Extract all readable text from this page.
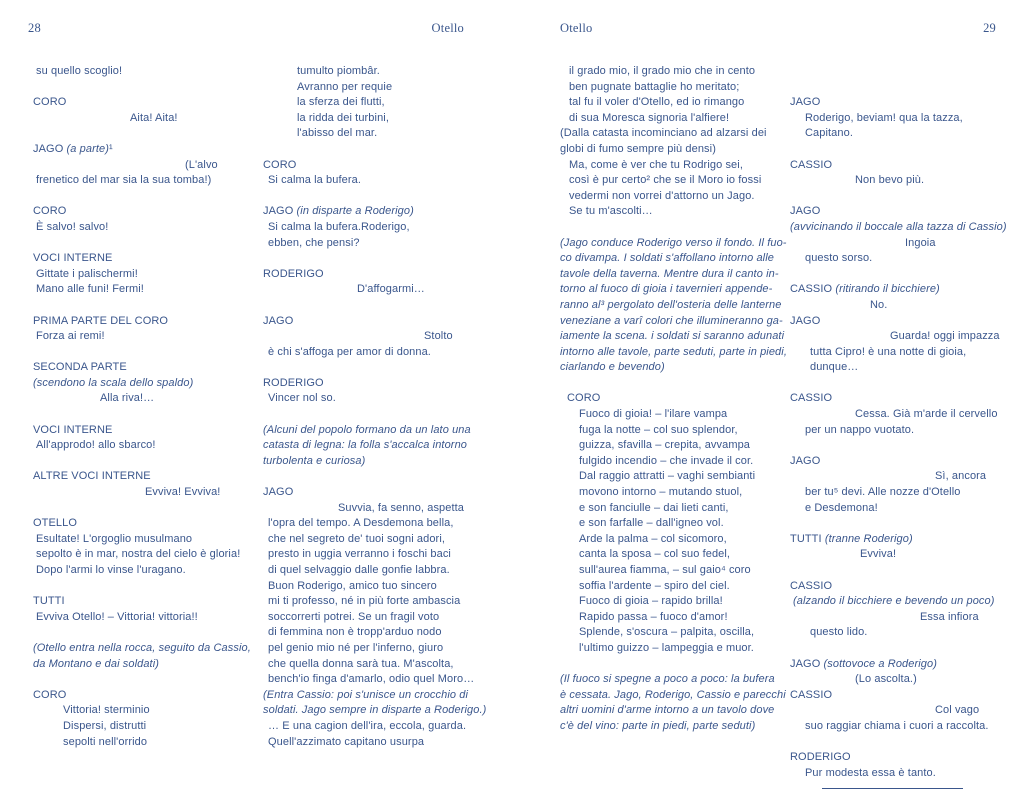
28	Otello
su quello scoglio!

CORO
Aita! Aita!

JAGO (a parte)¹
(L'alvo
frenetico del mar sia la sua tomba!)

CORO
È salvo! salvo!

VOCI INTERNE
Gittate i palischermi!
Mano alle funi! Fermi!

PRIMA PARTE DEL CORO
Forza ai remi!

SECONDA PARTE
(scendono la scala dello spaldo)
Alla riva!…

VOCI INTERNE
All'approdo! allo sbarco!

ALTRE VOCI INTERNE
Evviva! Evviva!

OTELLO
Esultate! L'orgoglio musulmano
sepolto è in mar, nostra del cielo è gloria!
Dopo l'armi lo vinse l'uragano.

TUTTI
Evviva Otello! – Vittoria! vittoria!!

(Otello entra nella rocca, seguito da Cassio,
da Montano e dai soldati)

CORO
Vittoria! sterminio
Dispersi, distrutti
sepolti nell'orrido
tumulto piombâr.
Avranno per requie
la sferza dei flutti,
la ridda dei turbini,
l'abisso del mar.

CORO
Si calma la bufera.

JAGO (in disparte a Roderigo)
Si calma la bufera.Roderigo,
ebben, che pensi?

RODERIGO
D'affogarmi…

JAGO
Stolto
è chi s'affoga per amor di donna.

RODERIGO
Vincer nol so.

(Alcuni del popolo formano da un lato una
catasta di legna: la folla s'accalca intorno
turbolenta e curiosa)

JAGO
Suvvia, fa senno, aspetta
l'opra del tempo. A Desdemona bella,
che nel segreto de' tuoi sogni adori,
presto in uggia verranno i foschi baci
di quel selvaggio dalle gonfie labbra.
Buon Roderigo, amico tuo sincero
mi ti professo, né in più forte ambascia
soccorrerti potrei. Se un fragil voto
di femmina non è tropp'arduo nodo
pel genio mio né per l'inferno, giuro
che quella donna sarà tua. M'ascolta,
bench'io finga d'amarlo, odio quel Moro…
(Entra Cassio: poi s'unisce un crocchio di
soldati. Jago sempre in disparte a Roderigo.)
… E una cagion dell'ira, eccola, guarda.
Quell'azzimato capitano usurpa
Otello	29
il grado mio, il grado mio che in cento
ben pugnate battaglie ho meritato;
tal fu il voler d'Otello, ed io rimango
di sua Moresca signoria l'alfiere!
(Dalla catasta incominciano ad alzarsi dei
globi di fumo sempre più densi)
Ma, come è ver che tu Rodrigo sei,
così è pur certo² che se il Moro io fossi
vedermi non vorrei d'attorno un Jago.
Se tu m'ascolti…

(Jago conduce Roderigo verso il fondo. Il fuo-
co divampa. I soldati s'affollano intorno alle
tavole della taverna. Mentre dura il canto in-
torno al fuoco di gioia i tavernieri appende-
ranno al³ pergolato dell'osteria delle lanterne
veneziane a varî colori che illumineranno ga-
iamente la scena. i soldati si saranno adunati
intorno alle tavole, parte seduti, parte in piedi,
ciarlando e bevendo)

CORO
Fuoco di gioia! – l'ilare vampa
fuga la notte – col suo splendor,
guizza, sfavilla – crepita, avvampa
fulgido incendio – che invade il cor.
Dal raggio attratti – vaghi sembianti
movono intorno – mutando stuol,
e son fanciulle – dai lieti canti,
e son farfalle – dall'igneo vol.
Arde la palma – col sicomoro,
canta la sposa – col suo fedel,
sull'aurea fiamma, – sul gaio⁴ coro
soffia l'ardente – spiro del ciel.
Fuoco di gioia – rapido brilla!
Rapido passa – fuoco d'amor!
Splende, s'oscura – palpita, oscilla,
l'ultimo guizzo – lampeggia e muor.

(Il fuoco si spegne a poco a poco: la bufera
è cessata. Jago, Roderigo, Cassio e parecchi
altri uomini d'arme intorno a un tavolo dove
c'è del vino: parte in piedi, parte seduti)

JAGO
Roderigo, beviam! qua la tazza,
Capitano.

CASSIO
Non bevo più.

JAGO
(avvicinando il boccale alla tazza di Cassio)
Ingoia
questo sorso.

CASSIO (ritirando il bicchiere)
No.
JAGO
Guarda! oggi impazza
tutta Cipro! è una notte di gioia,
dunque…

CASSIO
Cessa. Già m'arde il cervello
per un nappo vuotato.

JAGO
Sì, ancora
ber tu⁵ devi. Alle nozze d'Otello
e Desdemona!

TUTTI (tranne Roderigo)
Evviva!

CASSIO
(alzando il bicchiere e bevendo un poco)
Essa infiora
questo lido.

JAGO (sottovoce a Roderigo)
(Lo ascolta.)
CASSIO
Col vago
suo raggiar chiama i cuori a raccolta.

RODERIGO
Pur modesta essa è tanto.
